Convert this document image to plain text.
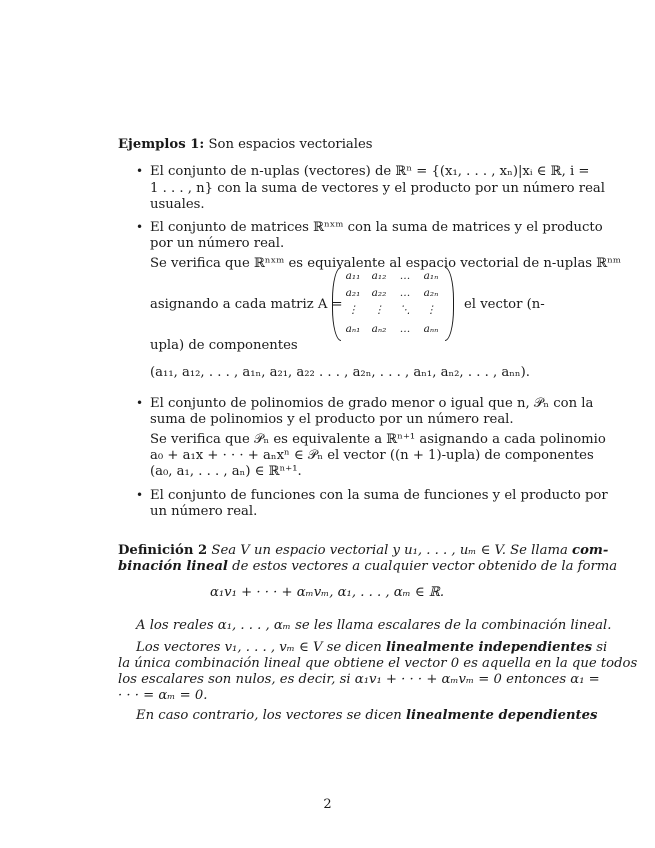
Ejemplos 1: Son espacios vectoriales
• El conjunto de n-uplas (vectores) de ℝⁿ = {(x₁, . . . , xₙ)|xᵢ ∈ ℝ, i =
1 . . . , n} con la suma de vectores y el producto por un número real
usuales.
• El conjunto de matrices ℝⁿˣᵐ con la suma de matrices y el producto
por un número real.
Se verifica que ℝⁿˣᵐ es equivalente al espacio vectorial de n-uplas ℝⁿᵐ
asignando a cada matriz A =
a₁₁	a₁₂	…	a₁ₙ
a₂₁	a₂₂	…	a₂ₙ
⋮	⋮	⋱	⋮
aₙ₁	aₙ₂	…	aₙₙ
el vector (n-
upla) de componentes
(a₁₁, a₁₂, . . . , a₁ₙ, a₂₁, a₂₂ . . . , a₂ₙ, . . . , aₙ₁, aₙ₂, . . . , aₙₙ).
• El conjunto de polinomios de grado menor o igual que n, 𝒫ₙ con la
suma de polinomios y el producto por un número real.
Se verifica que 𝒫ₙ es equivalente a ℝⁿ⁺¹ asignando a cada polinomio
a₀ + a₁x + · · · + aₙxⁿ ∈ 𝒫ₙ el vector ((n + 1)-upla) de componentes
(a₀, a₁, . . . , aₙ) ∈ ℝⁿ⁺¹.
• El conjunto de funciones con la suma de funciones y el producto por
un número real.
Definición 2 Sea V un espacio vectorial y u₁, . . . , uₘ ∈ V. Se llama com-
binación lineal de estos vectores a cualquier vector obtenido de la forma
α₁v₁ + · · · + αₘvₘ, α₁, . . . , αₘ ∈ ℝ.
A los reales α₁, . . . , αₘ se les llama escalares de la combinación lineal.
Los vectores v₁, . . . , vₘ ∈ V se dicen linealmente independientes si
la única combinación lineal que obtiene el vector 0 es aquella en la que todos
los escalares son nulos, es decir, si α₁v₁ + · · · + αₘvₘ = 0 entonces α₁ =
· · · = αₘ = 0.
En caso contrario, los vectores se dicen linealmente dependientes
2
